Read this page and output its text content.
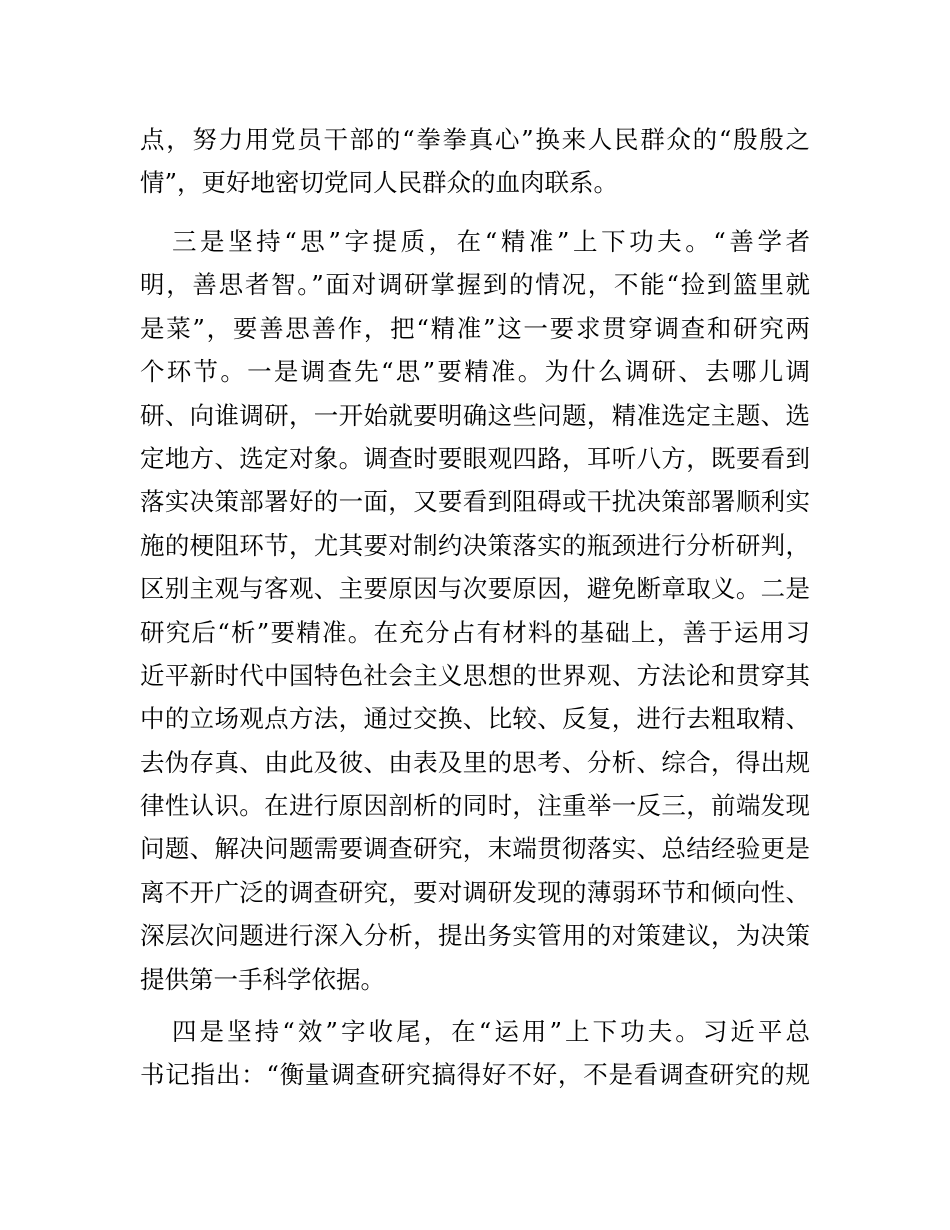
点，努力用党员干部的“拳拳真心”换来人民群众的“殷殷之
情”，更好地密切党同人民群众的血肉联系。
三是坚持“思”字提质，在“精准”上下功夫。“善学者
明，善思者智。”面对调研掌握到的情况，不能“捡到篮里就
是菜”，要善思善作，把“精准”这一要求贯穿调查和研究两
个环节。一是调查先“思”要精准。为什么调研、去哪儿调
研、向谁调研，一开始就要明确这些问题，精准选定主题、选
定地方、选定对象。调查时要眼观四路，耳听八方，既要看到
落实决策部署好的一面，又要看到阻碍或干扰决策部署顺利实
施的梗阻环节，尤其要对制约决策落实的瓶颈进行分析研判，
区别主观与客观、主要原因与次要原因，避免断章取义。二是
研究后“析”要精准。在充分占有材料的基础上，善于运用习
近平新时代中国特色社会主义思想的世界观、方法论和贯穿其
中的立场观点方法，通过交换、比较、反复，进行去粗取精、
去伪存真、由此及彼、由表及里的思考、分析、综合，得出规
律性认识。在进行原因剖析的同时，注重举一反三，前端发现
问题、解决问题需要调查研究，末端贯彻落实、总结经验更是
离不开广泛的调查研究，要对调研发现的薄弱环节和倾向性、
深层次问题进行深入分析，提出务实管用的对策建议，为决策
提供第一手科学依据。
四是坚持“效”字收尾，在“运用”上下功夫。习近平总
书记指出：“衡量调查研究搞得好不好，不是看调查研究的规
